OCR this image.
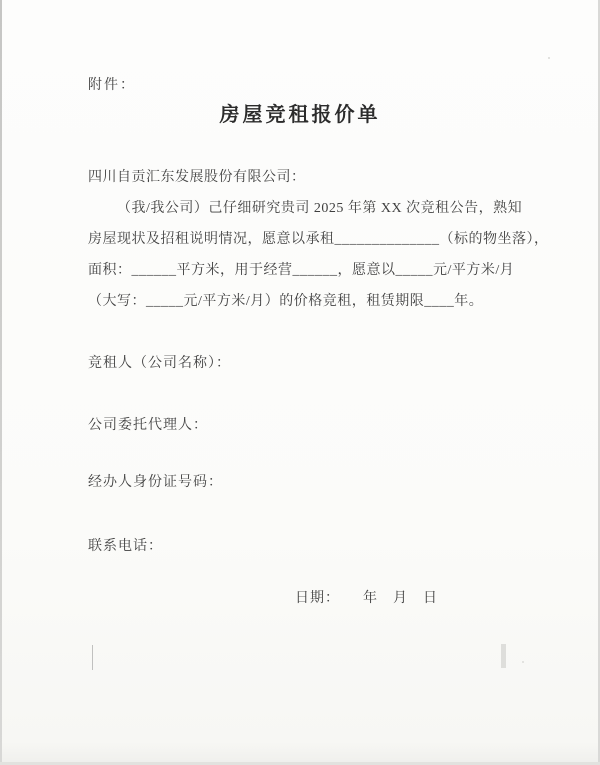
附件：
房屋竞租报价单
四川自贡汇东发展股份有限公司：
（我/我公司）己仔细研究贵司 2025 年第 XX 次竞租公告，熟知
房屋现状及招租说明情况，愿意以承租______________（标的物坐落），
面积：______平方米，用于经营______，愿意以_____元/平方米/月
（大写：_____元/平方米/月）的价格竞租，租赁期限____年。
竞租人（公司名称）：
公司委托代理人：
经办人身份证号码：
联系电话：
日期：　　年　月　日
